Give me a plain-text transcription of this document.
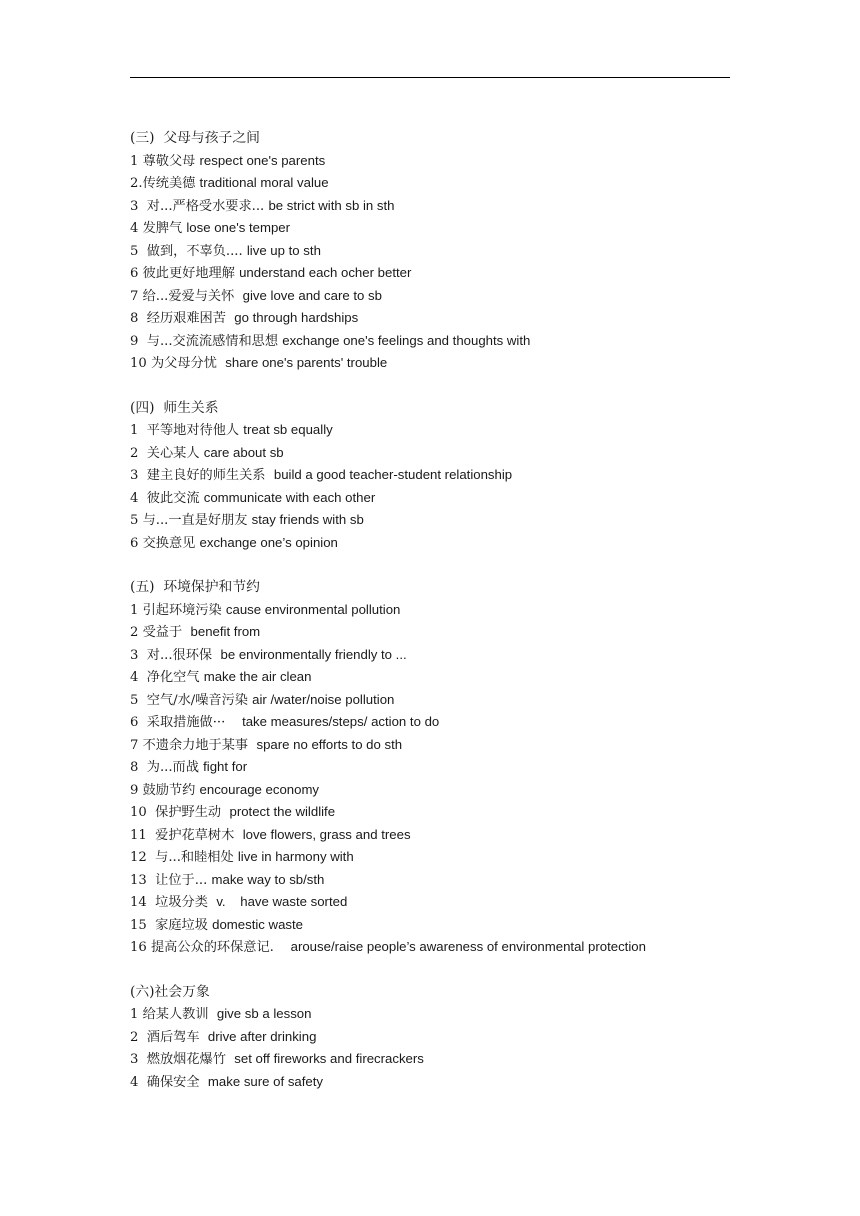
(三)  父母与孩子之间
1 尊敬父母 respect one's parents
2.传统美德 traditional moral value
3  对...严格受水要求... be strict with sb in sth
4 发脾气 lose one's temper
5  做到，不辜负.... live up to sth
6 彼此更好地理解 understand each ocher better
7 给...爱爱与关怀  give love and care to sb
8  经历艰难困苦  go through hardships
9  与...交流流感情和思想 exchange one's feelings and thoughts with
10 为父母分忧  share one's parents' trouble
(四)  师生关系
1  平等地对待他人 treat sb equally
2  关心某人 care about sb
3  建主良好的师生关系  build a good teacher-student relationship
4  彼此交流 communicate with each other
5 与...一直是好朋友 stay friends with sb
6 交换意见 exchange one’s opinion
(五)  环境保护和节约
1 引起环境污染 cause environmental pollution
2 受益于  benefit from
3  对...很环保  be environmentally friendly to ...
4  净化空气 make the air clean
5  空气/水/噪音污染 air /water/noise pollution
6  采取措施做···    take measures/steps/ action to do
7 不遗余力地于某事  spare no efforts to do sth
8  为...而战 fight for
9 鼓励节约 encourage economy
10  保护野生动  protect the wildlife
11  爱护花草树木  love flowers, grass and trees
12  与...和睦相处 live in harmony with
13  让位于... make way to sb/sth
14  垃圾分类  v.    have waste sorted
15  家庭垃圾 domestic waste
16 提高公众的环保意记.    arouse/raise people’s awareness of environmental protection
(六)社会万象
1 给某人教训  give sb a lesson
2  酒后驾车  drive after drinking
3  燃放烟花爆竹  set off fireworks and firecrackers
4  确保安全  make sure of safety
